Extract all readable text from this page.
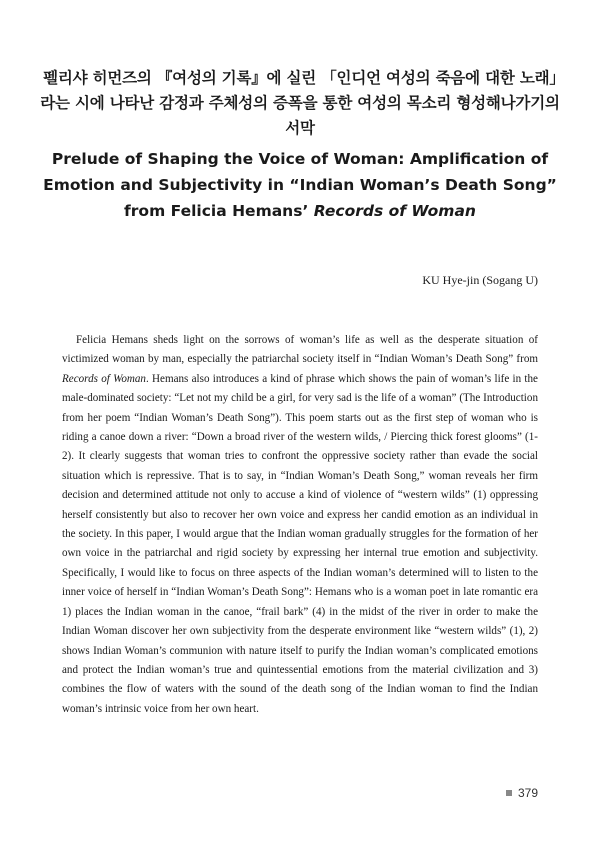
펠리샤 히먼즈의 『여성의 기록』에 실린 「인디언 여성의 죽음에 대한 노래」라는 시에 나타난 감정과 주체성의 증폭을 통한 여성의 목소리 형성해나가기의 서막
Prelude of Shaping the Voice of Woman: Amplification of Emotion and Subjectivity in “Indian Woman’s Death Song” from Felicia Hemans’ Records of Woman

KU Hye-jin (Sogang U)

Felicia Hemans sheds light on the sorrows of woman’s life as well as the desperate situation of victimized woman by man, especially the patriarchal society itself in “Indian Woman’s Death Song” from Records of Woman. Hemans also introduces a kind of phrase which shows the pain of woman’s life in the male-dominated society: “Let not my child be a girl, for very sad is the life of a woman” (The Introduction from her poem “Indian Woman’s Death Song”). This poem starts out as the first step of woman who is riding a canoe down a river: “Down a broad river of the western wilds, / Piercing thick forest glooms” (1-2). It clearly suggests that woman tries to confront the oppressive society rather than evade the social situation which is repressive. That is to say, in “Indian Woman’s Death Song,” woman reveals her firm decision and determined attitude not only to accuse a kind of violence of “western wilds” (1) oppressing herself consistently but also to recover her own voice and express her candid emotion as an individual in the society. In this paper, I would argue that the Indian woman gradually struggles for the formation of her own voice in the patriarchal and rigid society by expressing her internal true emotion and subjectivity. Specifically, I would like to focus on three aspects of the Indian woman’s determined will to listen to the inner voice of herself in “Indian Woman’s Death Song”: Hemans who is a woman poet in late romantic era 1) places the Indian woman in the canoe, “frail bark” (4) in the midst of the river in order to make the Indian Woman discover her own subjectivity from the desperate environment like “western wilds” (1), 2) shows Indian Woman’s communion with nature itself to purify the Indian woman’s complicated emotions and protect the Indian woman’s true and quintessential emotions from the material civilization and 3) combines the flow of waters with the sound of the death song of the Indian woman to find the Indian woman’s intrinsic voice from her own heart.

379
